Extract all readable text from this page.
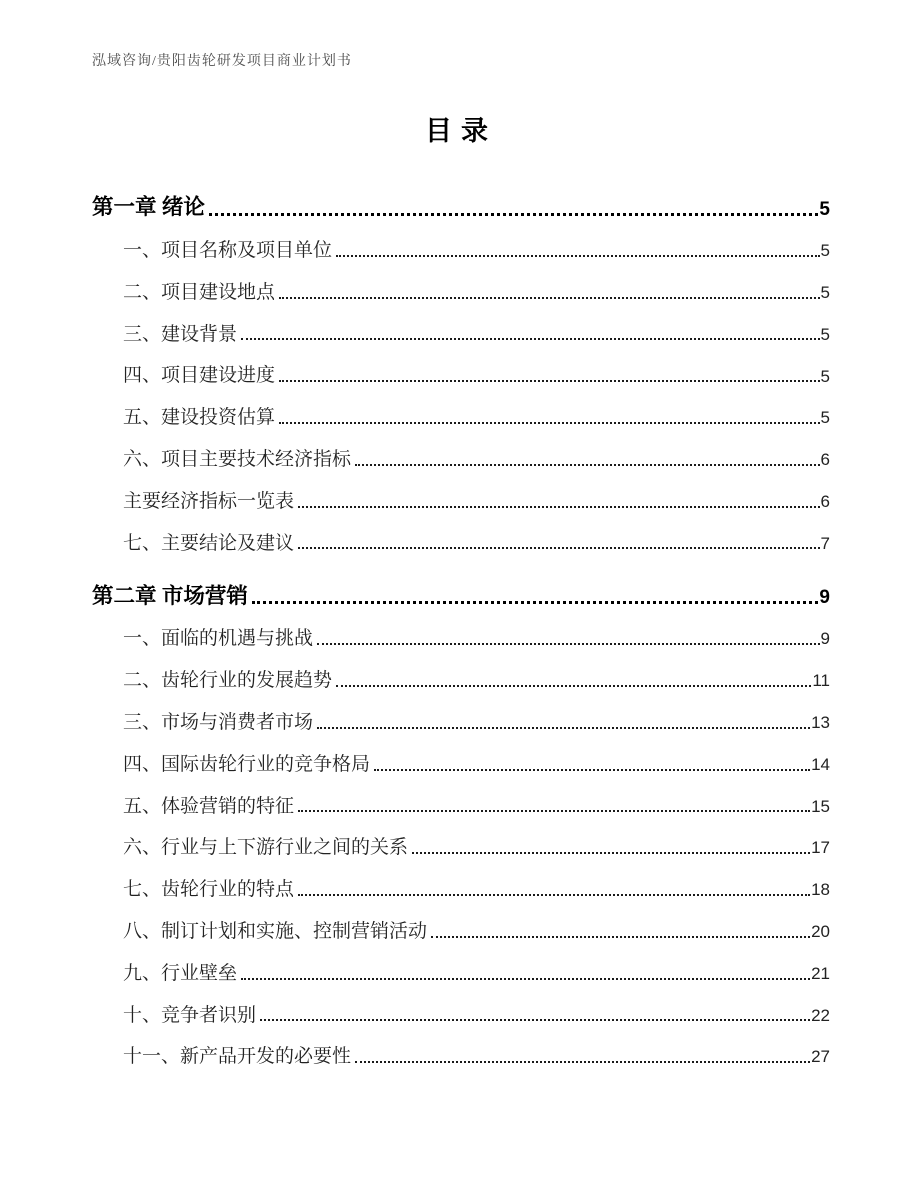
泓域咨询/贵阳齿轮研发项目商业计划书
目录
第一章 绪论	5
一、项目名称及项目单位	5
二、项目建设地点	5
三、建设背景	5
四、项目建设进度	5
五、建设投资估算	5
六、项目主要技术经济指标	6
主要经济指标一览表	6
七、主要结论及建议	7
第二章 市场营销	9
一、面临的机遇与挑战	9
二、齿轮行业的发展趋势	11
三、市场与消费者市场	13
四、国际齿轮行业的竞争格局	14
五、体验营销的特征	15
六、行业与上下游行业之间的关系	17
七、齿轮行业的特点	18
八、制订计划和实施、控制营销活动	20
九、行业壁垒	21
十、竞争者识别	22
十一、新产品开发的必要性	27
